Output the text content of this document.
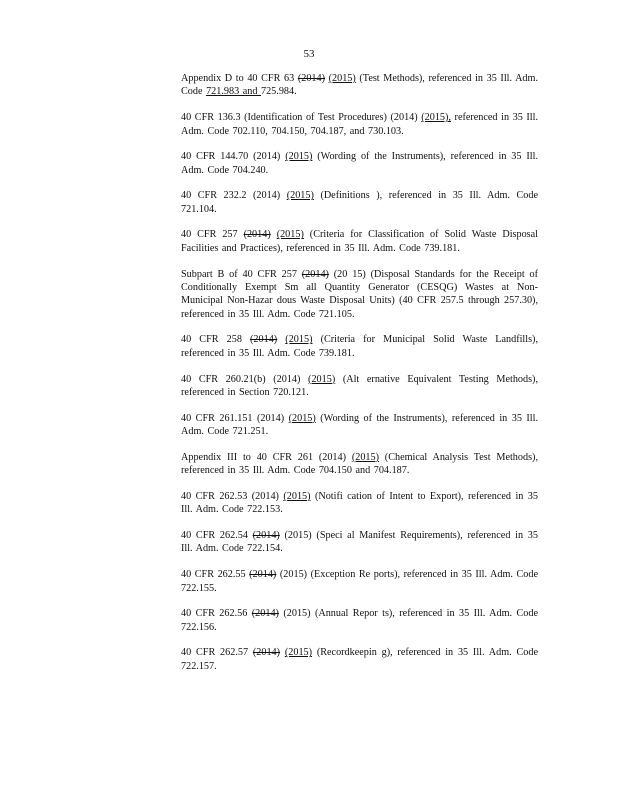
53

Appendix D to 40 CFR 63 (2014) (2015) (Test Methods), referenced in 35 Ill. Adm. Code 721.983 and 725.984.

40 CFR 136.3 (Identification of Test Procedures) (2014) (2015), referenced in 35 Ill. Adm. Code 702.110, 704.150, 704.187, and 730.103.

40 CFR 144.70 (2014) (2015) (Wording of the Instruments), referenced in 35 Ill. Adm. Code 704.240.

40 CFR 232.2 (2014) (2015) (Definitions ), referenced in 35 Ill. Adm. Code 721.104.

40 CFR 257 (2014) (2015) (Criteria for Classification of Solid Waste Disposal Facilities and Practices), referenced in 35 Ill. Adm. Code 739.181.

Subpart B of 40 CFR 257 (2014) (20 15) (Disposal Standards for the Receipt of Conditionally Exempt Sm all Quantity Generator (CESQG) Wastes at Non-Municipal Non-Hazar dous Waste Disposal Units) (40 CFR 257.5 through 257.30), referenced in 35 Ill. Adm. Code 721.105.

40 CFR 258 (2014) (2015) (Criteria for Municipal Solid Waste Landfills), referenced in 35 Ill. Adm. Code 739.181.

40 CFR 260.21(b) (2014) (2015) (Alt ernative Equivalent Testing Methods), referenced in Section 720.121.

40 CFR 261.151 (2014) (2015) (Wording of the Instruments), referenced in 35 Ill. Adm. Code 721.251.

Appendix III to 40 CFR 261 (2014) (2015) (Chemical Analysis Test Methods), referenced in 35 Ill. Adm. Code 704.150 and 704.187.

40 CFR 262.53 (2014) (2015) (Notifi cation of Intent to Export), referenced in 35 Ill. Adm. Code 722.153.

40 CFR 262.54 (2014) (2015) (Speci al Manifest Requirements), referenced in 35 Ill. Adm. Code 722.154.

40 CFR 262.55 (2014) (2015) (Exception Re ports), referenced in 35 Ill. Adm. Code 722.155.

40 CFR 262.56 (2014) (2015) (Annual Repor ts), referenced in 35 Ill. Adm. Code 722.156.

40 CFR 262.57 (2014) (2015) (Recordkeepin g), referenced in 35 Ill. Adm. Code 722.157.
